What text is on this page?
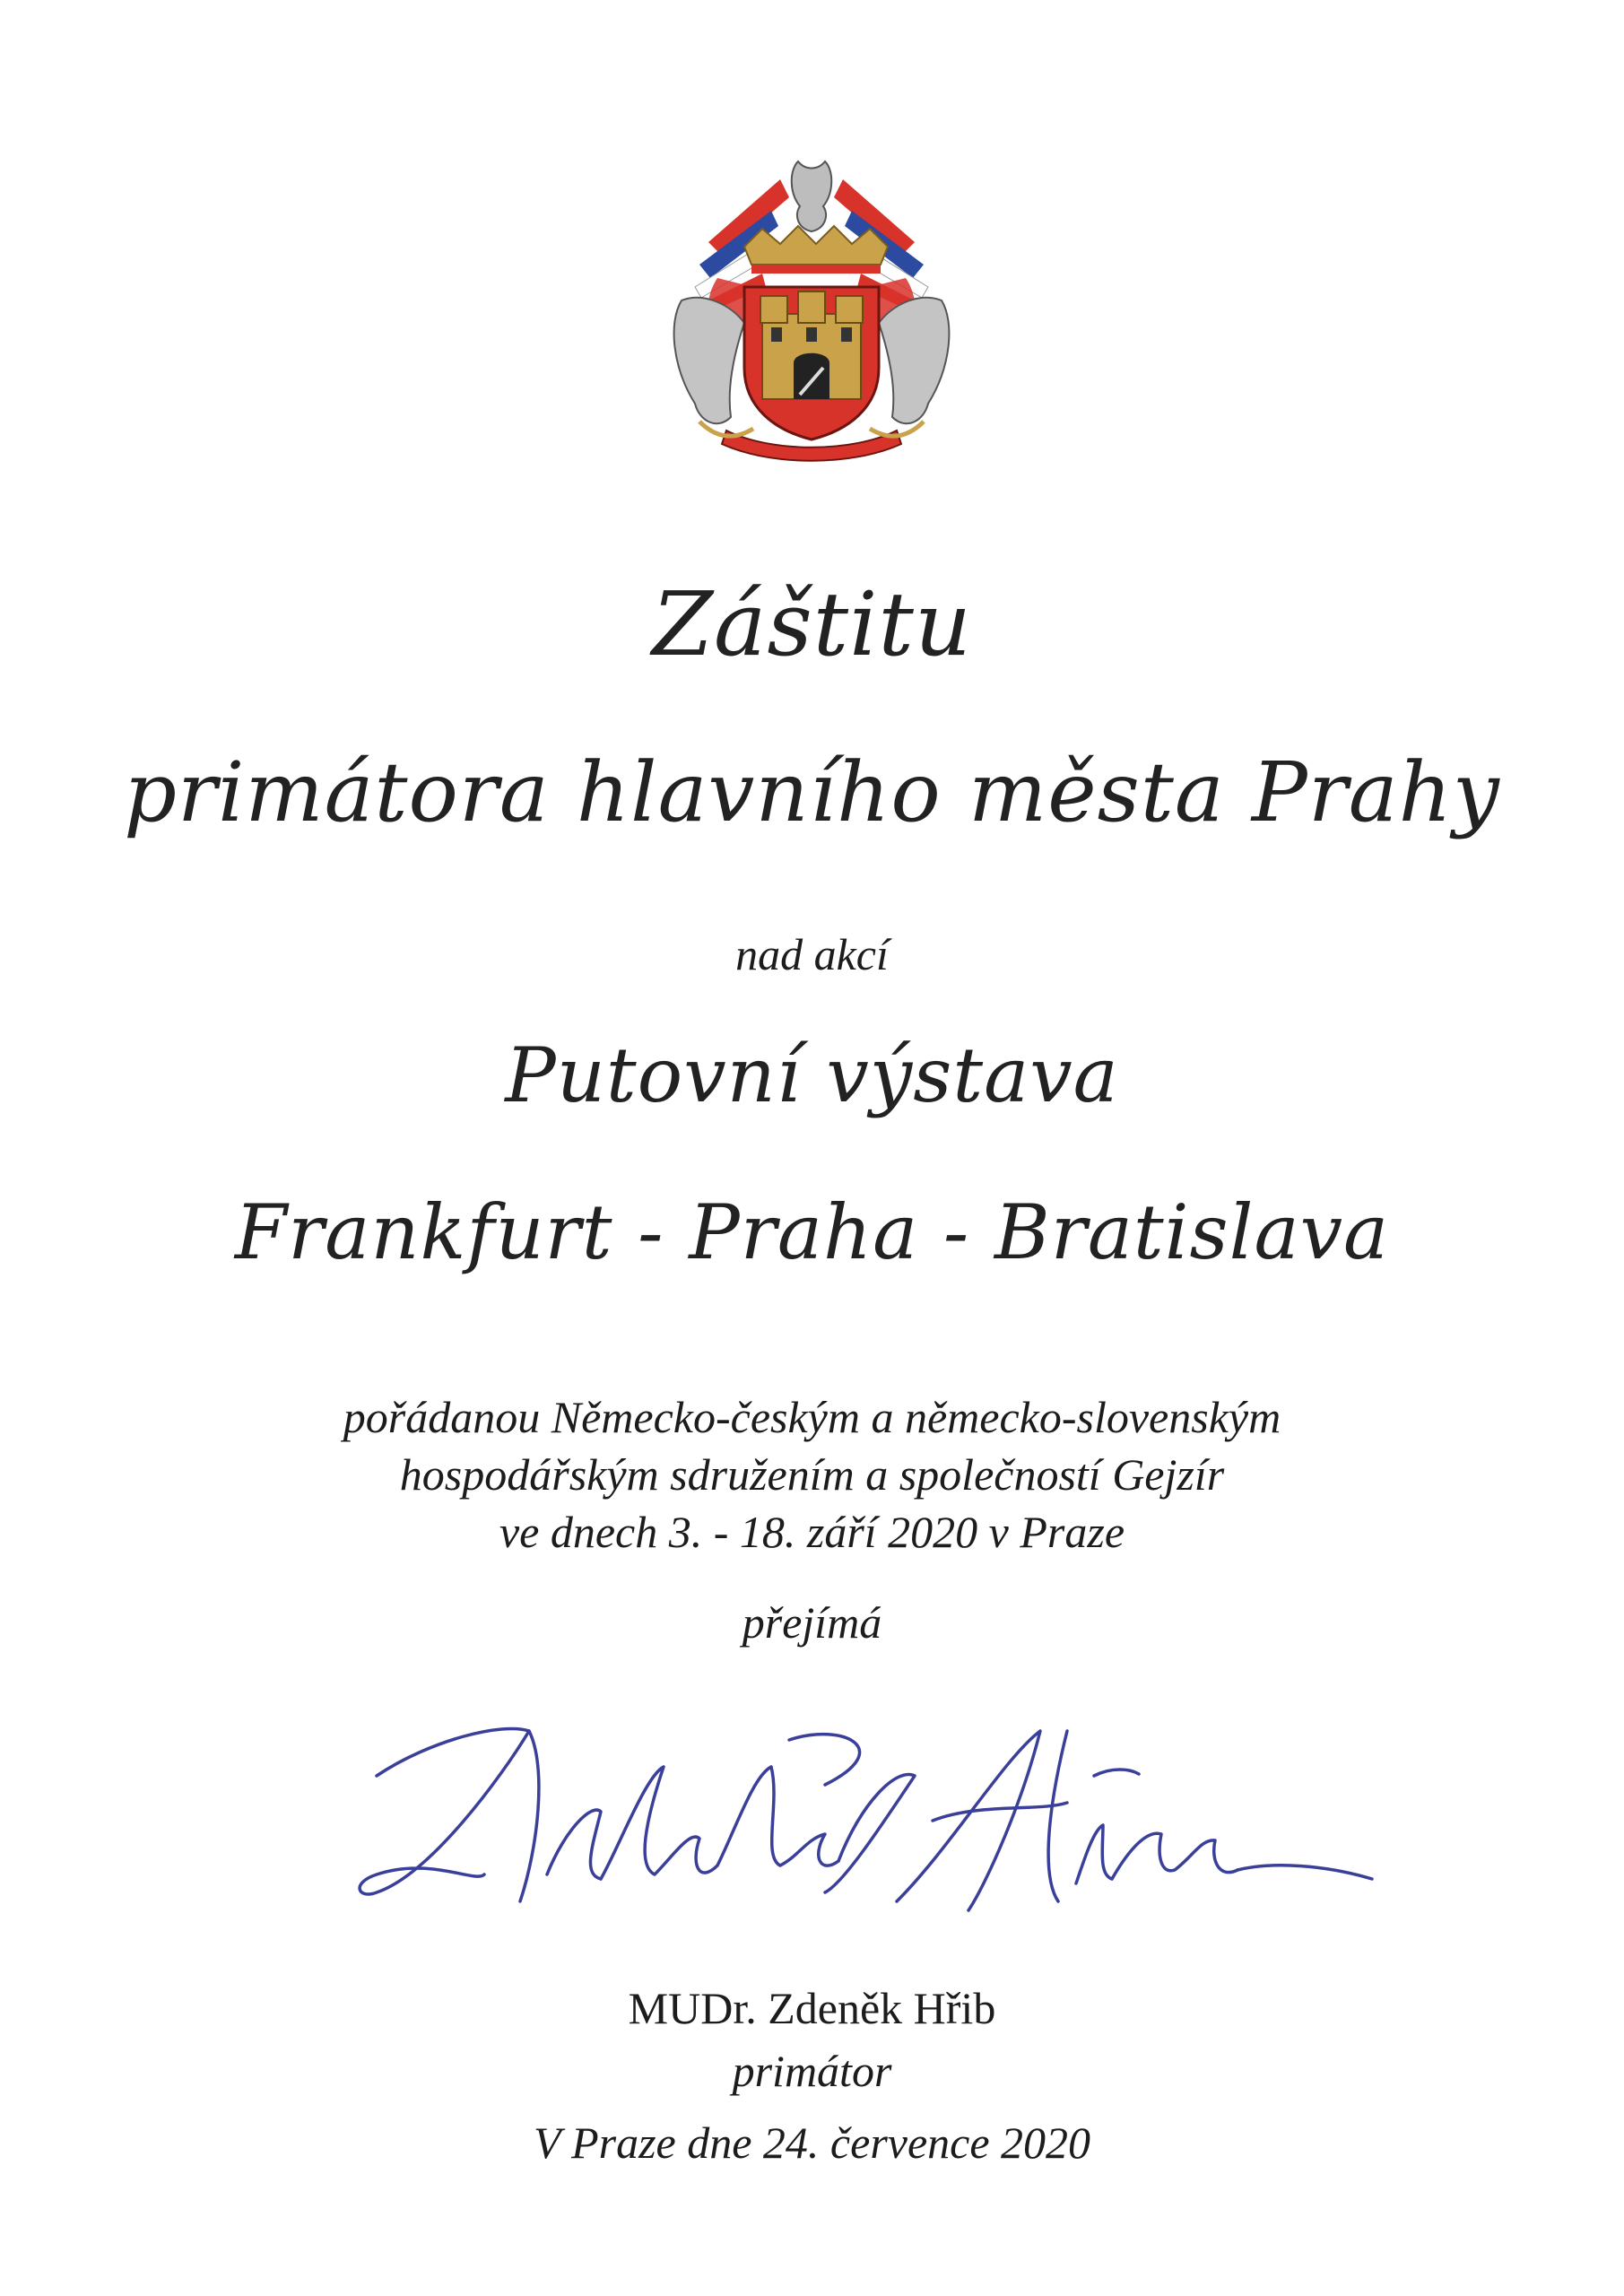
Záštitu
primátora hlavního města Prahy
nad akcí
Putovní výstava
Frankfurt - Praha - Bratislava
pořádanou Německo-českým a německo-slovenským
hospodářským sdružením a společností Gejzír
ve dnech 3. - 18. září 2020 v Praze
přejímá
MUDr. Zdeněk Hřib
primátor
V Praze dne 24. července 2020
